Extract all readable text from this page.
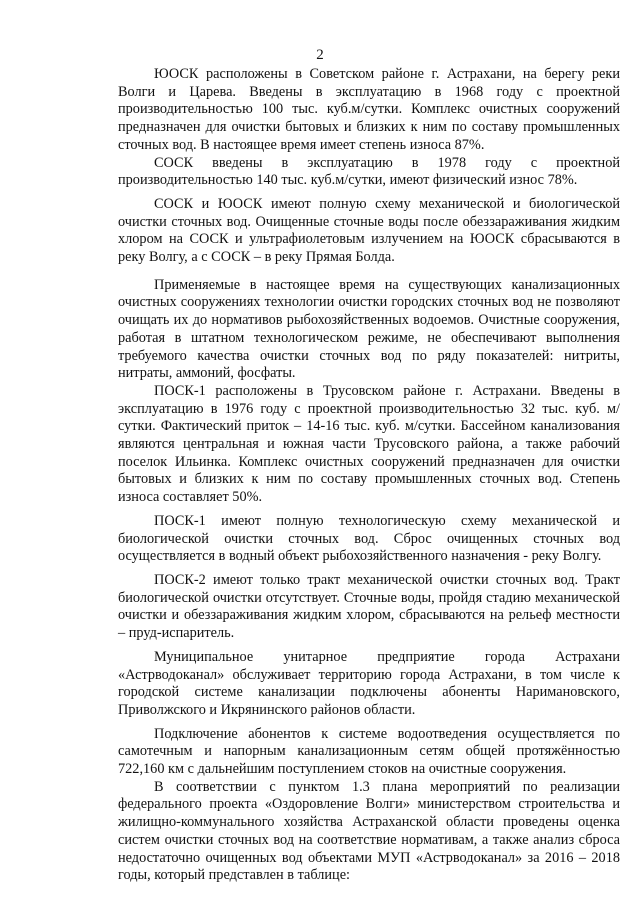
2

ЮОСК расположены в Советском районе г. Астрахани, на берегу реки Волги и Царева. Введены в эксплуатацию в 1968 году с проектной производительностью 100 тыс. куб.м/сутки. Комплекс очистных сооружений предназначен для очистки бытовых и близких к ним по составу промышленных сточных вод. В настоящее время имеет степень износа 87%.

СОСК введены в эксплуатацию в 1978 году с проектной производительностью 140 тыс. куб.м/сутки, имеют физический износ 78%.

СОСК и ЮОСК имеют полную схему механической и биологической очистки сточных вод. Очищенные сточные воды после обеззараживания жидким хлором на СОСК и ультрафиолетовым излучением на ЮОСК сбрасываются в реку Волгу, а с СОСК – в реку Прямая Болда.

Применяемые в настоящее время на существующих канализационных очистных сооружениях технологии очистки городских сточных вод не позволяют очищать их до нормативов рыбохозяйственных водоемов. Очистные сооружения, работая в штатном технологическом режиме, не обеспечивают выполнения требуемого качества очистки сточных вод по ряду показателей: нитриты, нитраты, аммоний, фосфаты.

ПОСК-1 расположены в Трусовском районе г. Астрахани. Введены в эксплуатацию в 1976 году с проектной производительностью 32 тыс. куб. м/сутки. Фактический приток – 14-16 тыс. куб. м/сутки. Бассейном канализования являются центральная и южная части Трусовского района, а также рабочий поселок Ильинка. Комплекс очистных сооружений предназначен для очистки бытовых и близких к ним по составу промышленных сточных вод. Степень износа составляет 50%.

ПОСК-1 имеют полную технологическую схему механической и биологической очистки сточных вод. Сброс очищенных сточных вод осуществляется в водный объект рыбохозяйственного назначения - реку Волгу.

ПОСК-2 имеют только тракт механической очистки сточных вод. Тракт биологической очистки отсутствует. Сточные воды, пройдя стадию механической очистки и обеззараживания жидким хлором, сбрасываются на рельеф местности – пруд-испаритель.

Муниципальное унитарное предприятие города Астрахани «Астрводоканал» обслуживает территорию города Астрахани, в том числе к городской системе канализации подключены абоненты Наримановского, Приволжского и Икрянинского районов области.

Подключение абонентов к системе водоотведения осуществляется по самотечным и напорным канализационным сетям общей протяжённостью 722,160 км с дальнейшим поступлением стоков на очистные сооружения.

В соответствии с пунктом 1.3 плана мероприятий по реализации федерального проекта «Оздоровление Волги» министерством строительства и жилищно-коммунального хозяйства Астраханской области проведены оценка систем очистки сточных вод на соответствие нормативам, а также анализ сброса недостаточно очищенных вод объектами МУП «Астрводоканал» за 2016 – 2018 годы, который представлен в таблице:
